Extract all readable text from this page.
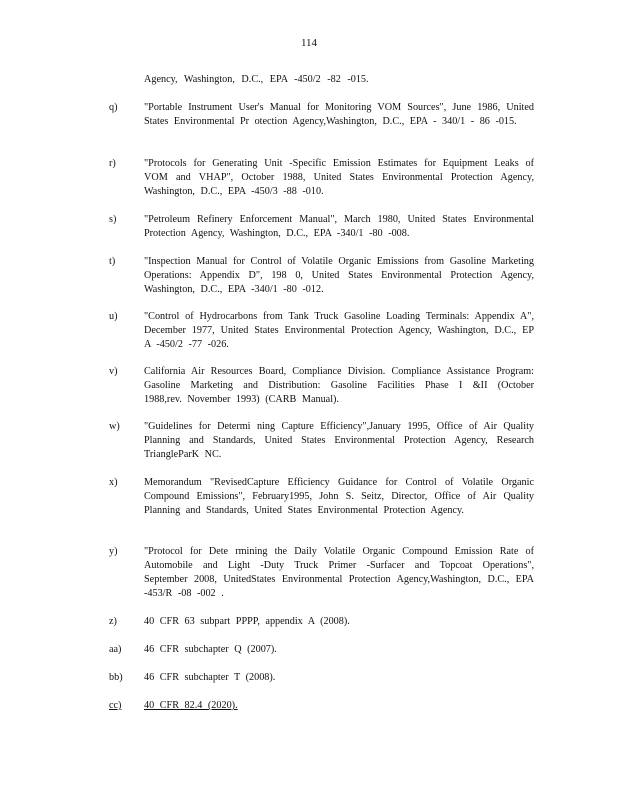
114
Agency, Washington, D.C., EPA -450/2 -82 -015.
q)	"Portable Instrument User's Manual for Monitoring VOM Sources", June 1986, United States Environmental Pr otection Agency,Washington, D.C., EPA - 340/1 - 86 -015.
r)	"Protocols for Generating Unit -Specific Emission Estimates for Equipment Leaks of VOM and VHAP", October 1988, United States Environmental Protection Agency, Washington, D.C., EPA -450/3 -88 -010.
s)	"Petroleum Refinery Enforcement Manual", March 1980, United States Environmental Protection Agency, Washington, D.C., EPA -340/1 -80 -008.
t)	"Inspection Manual for Control of Volatile Organic Emissions from Gasoline Marketing Operations: Appendix D", 198 0, United States Environmental Protection Agency, Washington, D.C., EPA -340/1 -80 -012.
u)	"Control of Hydrocarbons from Tank Truck Gasoline Loading Terminals: Appendix A", December 1977, United States Environmental Protection Agency, Washington, D.C., EP A -450/2 -77 -026.
v)	California Air Resources Board, Compliance Division. Compliance Assistance Program: Gasoline Marketing and Distribution: Gasoline Facilities Phase I &II (October 1988,rev. November 1993) (CARB Manual).
w)	"Guidelines for Determi ning Capture Efficiency",January 1995, Office of Air Quality Planning and Standards, United States Environmental Protection Agency, Research TriangleParK NC.
x)	Memorandum "RevisedCapture Efficiency Guidance for Control of Volatile Organic Compound Emissions", February1995, John S. Seitz, Director, Office of Air Quality Planning and Standards, United States Environmental Protection Agency.
y)	"Protocol for Dete rmining the Daily Volatile Organic Compound Emission Rate of Automobile and Light -Duty Truck Primer -Surfacer and Topcoat Operations", September 2008, UnitedStates Environmental Protection Agency,Washington, D.C., EPA -453/R -08 -002 .
z)	40 CFR 63 subpart PPPP, appendix A (2008).
aa)	46 CFR subchapter Q (2007).
bb)	46 CFR subchapter T (2008).
cc)	40 CFR 82.4 (2020).
